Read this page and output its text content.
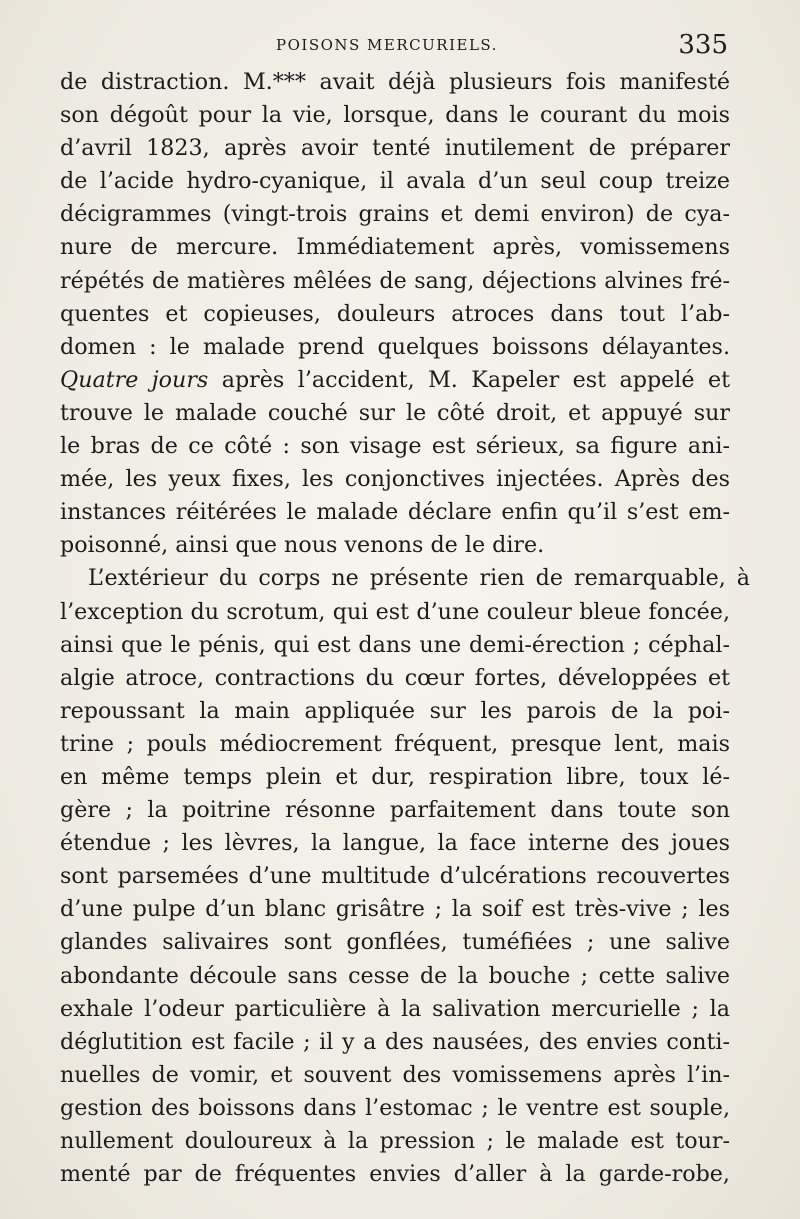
POISONS MERCURIELS.	335
de distraction. M.*** avait déjà plusieurs fois manifesté
son dégoût pour la vie, lorsque, dans le courant du mois
d’avril 1823, après avoir tenté inutilement de préparer
de l’acide hydro-cyanique, il avala d’un seul coup treize
décigrammes (vingt-trois grains et demi environ) de cya-
nure de mercure. Immédiatement après, vomissemens
répétés de matières mêlées de sang, déjections alvines fré-
quentes et copieuses, douleurs atroces dans tout l’ab-
domen : le malade prend quelques boissons délayantes.
Quatre jours après l’accident, M. Kapeler est appelé et
trouve le malade couché sur le côté droit, et appuyé sur
le bras de ce côté : son visage est sérieux, sa figure ani-
mée, les yeux fixes, les conjonctives injectées. Après des
instances réitérées le malade déclare enfin qu’il s’est em-
poisonné, ainsi que nous venons de le dire.
L’extérieur du corps ne présente rien de remarquable, à
l’exception du scrotum, qui est d’une couleur bleue foncée,
ainsi que le pénis, qui est dans une demi-érection ; céphal-
algie atroce, contractions du cœur fortes, développées et
repoussant la main appliquée sur les parois de la poi-
trine ; pouls médiocrement fréquent, presque lent, mais
en même temps plein et dur, respiration libre, toux lé-
gère ; la poitrine résonne parfaitement dans toute son
étendue ; les lèvres, la langue, la face interne des joues
sont parsemées d’une multitude d’ulcérations recouvertes
d’une pulpe d’un blanc grisâtre ; la soif est très-vive ; les
glandes salivaires sont gonflées, tuméfiées ; une salive
abondante découle sans cesse de la bouche ; cette salive
exhale l’odeur particulière à la salivation mercurielle ; la
déglutition est facile ; il y a des nausées, des envies conti-
nuelles de vomir, et souvent des vomissemens après l’in-
gestion des boissons dans l’estomac ; le ventre est souple,
nullement douloureux à la pression ; le malade est tour-
menté par de fréquentes envies d’aller à la garde-robe,
